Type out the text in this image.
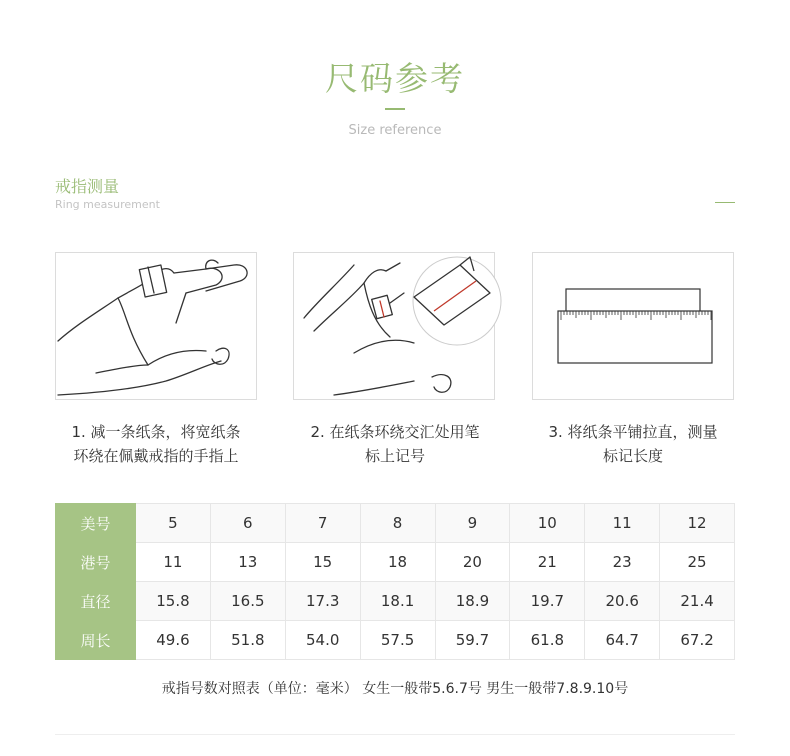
尺码参考
Size reference
戒指测量
Ring measurement
1. 减一条纸条，将宽纸条
环绕在佩戴戒指的手指上
2. 在纸条环绕交汇处用笔
标上记号
3. 将纸条平铺拉直，测量
标记长度
美号	5	6	7	8	9	10	11	12
港号	11	13	15	18	20	21	23	25
直径	15.8	16.5	17.3	18.1	18.9	19.7	20.6	21.4
周长	49.6	51.8	54.0	57.5	59.7	61.8	64.7	67.2
戒指号数对照表（单位：毫米） 女生一般带5.6.7号 男生一般带7.8.9.10号
